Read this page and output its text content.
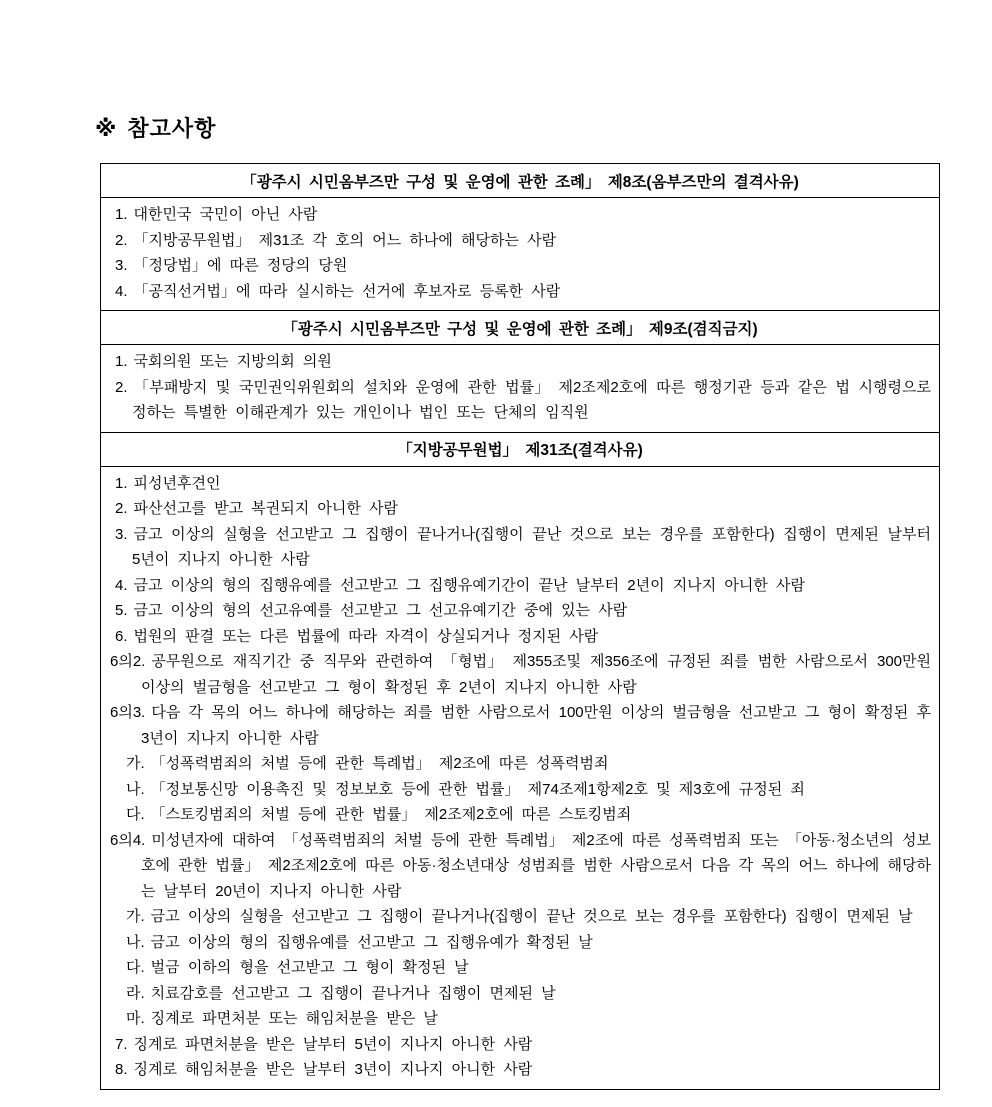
※ 참고사항
「광주시 시민옴부즈만 구성 및 운영에 관한 조례」 제8조(옴부즈만의 결격사유)

1. 대한민국 국민이 아닌 사람
2. 「지방공무원법」 제31조 각 호의 어느 하나에 해당하는 사람
3. 「정당법」에 따른 정당의 당원
4. 「공직선거법」에 따라 실시하는 선거에 후보자로 등록한 사람

「광주시 시민옴부즈만 구성 및 운영에 관한 조례」 제9조(겸직금지)

1. 국회의원 또는 지방의회 의원
2. 「부패방지 및 국민권익위원회의 설치와 운영에 관한 법률」 제2조제2호에 따른 행정기관 등과 같은 법 시행령으로 정하는 특별한 이해관계가 있는 개인이나 법인 또는 단체의 임직원

「지방공무원법」 제31조(결격사유)

1. 피성년후견인
2. 파산선고를 받고 복권되지 아니한 사람
3. 금고 이상의 실형을 선고받고 그 집행이 끝나거나(집행이 끝난 것으로 보는 경우를 포함한다) 집행이 면제된 날부터 5년이 지나지 아니한 사람
4. 금고 이상의 형의 집행유예를 선고받고 그 집행유예기간이 끝난 날부터 2년이 지나지 아니한 사람
5. 금고 이상의 형의 선고유예를 선고받고 그 선고유예기간 중에 있는 사람
6. 법원의 판결 또는 다른 법률에 따라 자격이 상실되거나 정지된 사람
6의2. 공무원으로 재직기간 중 직무와 관련하여 「형법」 제355조및 제356조에 규정된 죄를 범한 사람으로서 300만원 이상의 벌금형을 선고받고 그 형이 확정된 후 2년이 지나지 아니한 사람
6의3. 다음 각 목의 어느 하나에 해당하는 죄를 범한 사람으로서 100만원 이상의 벌금형을 선고받고 그 형이 확정된 후 3년이 지나지 아니한 사람
가. 「성폭력범죄의 처벌 등에 관한 특례법」 제2조에 따른 성폭력범죄
나. 「정보통신망 이용촉진 및 정보보호 등에 관한 법률」 제74조제1항제2호 및 제3호에 규정된 죄
다. 「스토킹범죄의 처벌 등에 관한 법률」 제2조제2호에 따른 스토킹범죄
6의4. 미성년자에 대하여 「성폭력범죄의 처벌 등에 관한 특례법」 제2조에 따른 성폭력범죄 또는 「아동·청소년의 성보호에 관한 법률」 제2조제2호에 따른 아동·청소년대상 성범죄를 범한 사람으로서 다음 각 목의 어느 하나에 해당하는 날부터 20년이 지나지 아니한 사람
가. 금고 이상의 실형을 선고받고 그 집행이 끝나거나(집행이 끝난 것으로 보는 경우를 포함한다) 집행이 면제된 날
나. 금고 이상의 형의 집행유예를 선고받고 그 집행유예가 확정된 날
다. 벌금 이하의 형을 선고받고 그 형이 확정된 날
라. 치료감호를 선고받고 그 집행이 끝나거나 집행이 면제된 날
마. 징계로 파면처분 또는 해임처분을 받은 날
7. 징계로 파면처분을 받은 날부터 5년이 지나지 아니한 사람
8. 징계로 해임처분을 받은 날부터 3년이 지나지 아니한 사람
